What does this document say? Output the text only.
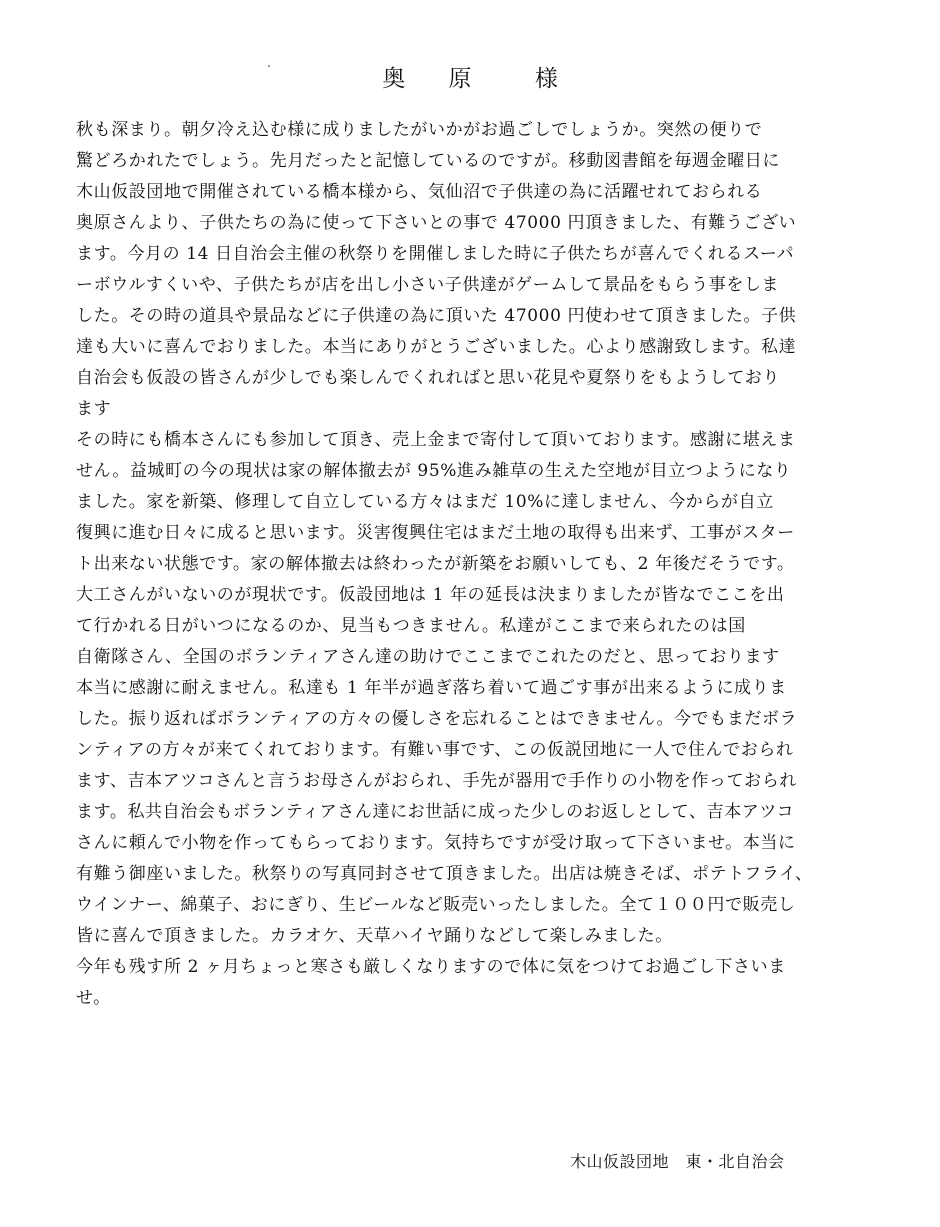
奥 原	様
秋も深まり。朝夕冷え込む様に成りましたがいかがお過ごしでしょうか。突然の便りで
驚どろかれたでしょう。先月だったと記憶しているのですが。移動図書館を毎週金曜日に
木山仮設団地で開催されている橋本様から、気仙沼で子供達の為に活躍せれておられる
奥原さんより、子供たちの為に使って下さいとの事で 47000 円頂きました、有難うござい
ます。今月の 14 日自治会主催の秋祭りを開催しました時に子供たちが喜んでくれるスーパ
ーボウルすくいや、子供たちが店を出し小さい子供達がゲームして景品をもらう事をしま
した。その時の道具や景品などに子供達の為に頂いた 47000 円使わせて頂きました。子供
達も大いに喜んでおりました。本当にありがとうございました。心より感謝致します。私達
自治会も仮設の皆さんが少しでも楽しんでくれればと思い花見や夏祭りをもようしており
ます
その時にも橋本さんにも参加して頂き、売上金まで寄付して頂いております。感謝に堪えま
せん。益城町の今の現状は家の解体撤去が 95%進み雑草の生えた空地が目立つようになり
ました。家を新築、修理して自立している方々はまだ 10%に達しません、今からが自立
復興に進む日々に成ると思います。災害復興住宅はまだ土地の取得も出来ず、工事がスター
ト出来ない状態です。家の解体撤去は終わったが新築をお願いしても、2 年後だそうです。
大工さんがいないのが現状です。仮設団地は 1 年の延長は決まりましたが皆なでここを出
て行かれる日がいつになるのか、見当もつきません。私達がここまで来られたのは国
自衛隊さん、全国のボランティアさん達の助けでここまでこれたのだと、思っております
本当に感謝に耐えません。私達も 1 年半が過ぎ落ち着いて過ごす事が出来るように成りま
した。振り返ればボランティアの方々の優しさを忘れることはできません。今でもまだボラ
ンティアの方々が来てくれております。有難い事です、この仮説団地に一人で住んでおられ
ます、吉本アツコさんと言うお母さんがおられ、手先が器用で手作りの小物を作っておられ
ます。私共自治会もボランティアさん達にお世話に成った少しのお返しとして、吉本アツコ
さんに頼んで小物を作ってもらっております。気持ちですが受け取って下さいませ。本当に
有難う御座いました。秋祭りの写真同封させて頂きました。出店は焼きそば、ポテトフライ、
ウインナー、綿菓子、おにぎり、生ビールなど販売いったしました。全て１００円で販売し
皆に喜んで頂きました。カラオケ、天草ハイヤ踊りなどして楽しみました。
今年も残す所 2 ヶ月ちょっと寒さも厳しくなりますので体に気をつけてお過ごし下さいま
せ。
木山仮設団地　東・北自治会
